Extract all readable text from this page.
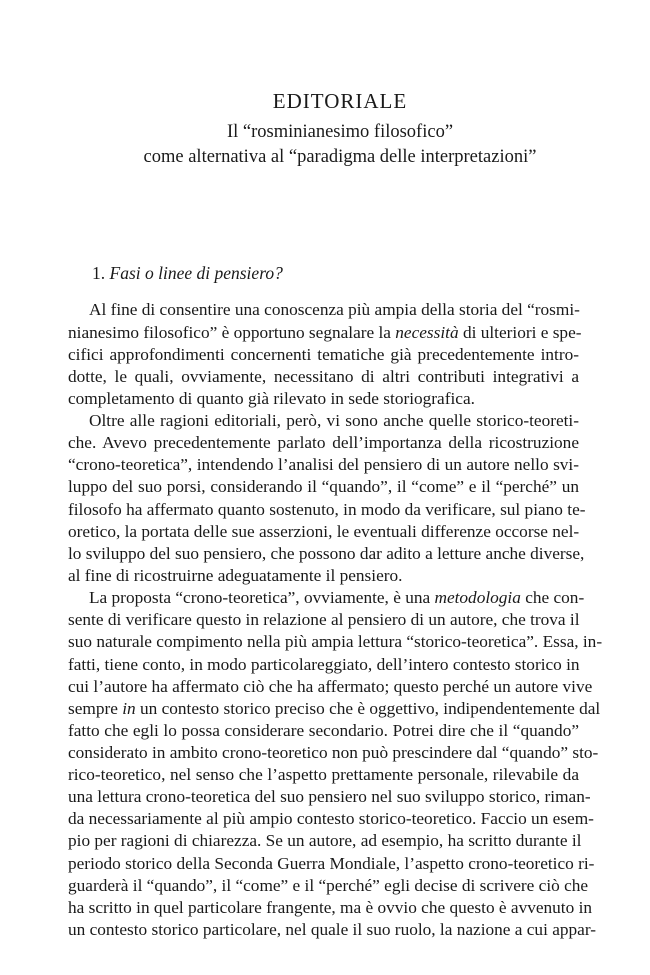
EDITORIALE
Il “rosminianesimo filosofico”
come alternativa al “paradigma delle interpretazioni”
1. Fasi o linee di pensiero?
Al fine di consentire una conoscenza più ampia della storia del “rosmi-
nianesimo filosofico” è opportuno segnalare la necessità di ulteriori e spe-
cifici approfondimenti concernenti tematiche già precedentemente intro-
dotte, le quali, ovviamente, necessitano di altri contributi integrativi a
completamento di quanto già rilevato in sede storiografica.
Oltre alle ragioni editoriali, però, vi sono anche quelle storico-teoreti-
che. Avevo precedentemente parlato dell’importanza della ricostruzione
“crono-teoretica”, intendendo l’analisi del pensiero di un autore nello svi-
luppo del suo porsi, considerando il “quando”, il “come” e il “perché” un
filosofo ha affermato quanto sostenuto, in modo da verificare, sul piano te-
oretico, la portata delle sue asserzioni, le eventuali differenze occorse nel-
lo sviluppo del suo pensiero, che possono dar adito a letture anche diverse,
al fine di ricostruirne adeguatamente il pensiero.
La proposta “crono-teoretica”, ovviamente, è una metodologia che con-
sente di verificare questo in relazione al pensiero di un autore, che trova il
suo naturale compimento nella più ampia lettura “storico-teoretica”. Essa, in-
fatti, tiene conto, in modo particolareggiato, dell’intero contesto storico in
cui l’autore ha affermato ciò che ha affermato; questo perché un autore vive
sempre in un contesto storico preciso che è oggettivo, indipendentemente dal
fatto che egli lo possa considerare secondario. Potrei dire che il “quando”
considerato in ambito crono-teoretico non può prescindere dal “quando” sto-
rico-teoretico, nel senso che l’aspetto prettamente personale, rilevabile da
una lettura crono-teoretica del suo pensiero nel suo sviluppo storico, riman-
da necessariamente al più ampio contesto storico-teoretico. Faccio un esem-
pio per ragioni di chiarezza. Se un autore, ad esempio, ha scritto durante il
periodo storico della Seconda Guerra Mondiale, l’aspetto crono-teoretico ri-
guarderà il “quando”, il “come” e il “perché” egli decise di scrivere ciò che
ha scritto in quel particolare frangente, ma è ovvio che questo è avvenuto in
un contesto storico particolare, nel quale il suo ruolo, la nazione a cui appar-
